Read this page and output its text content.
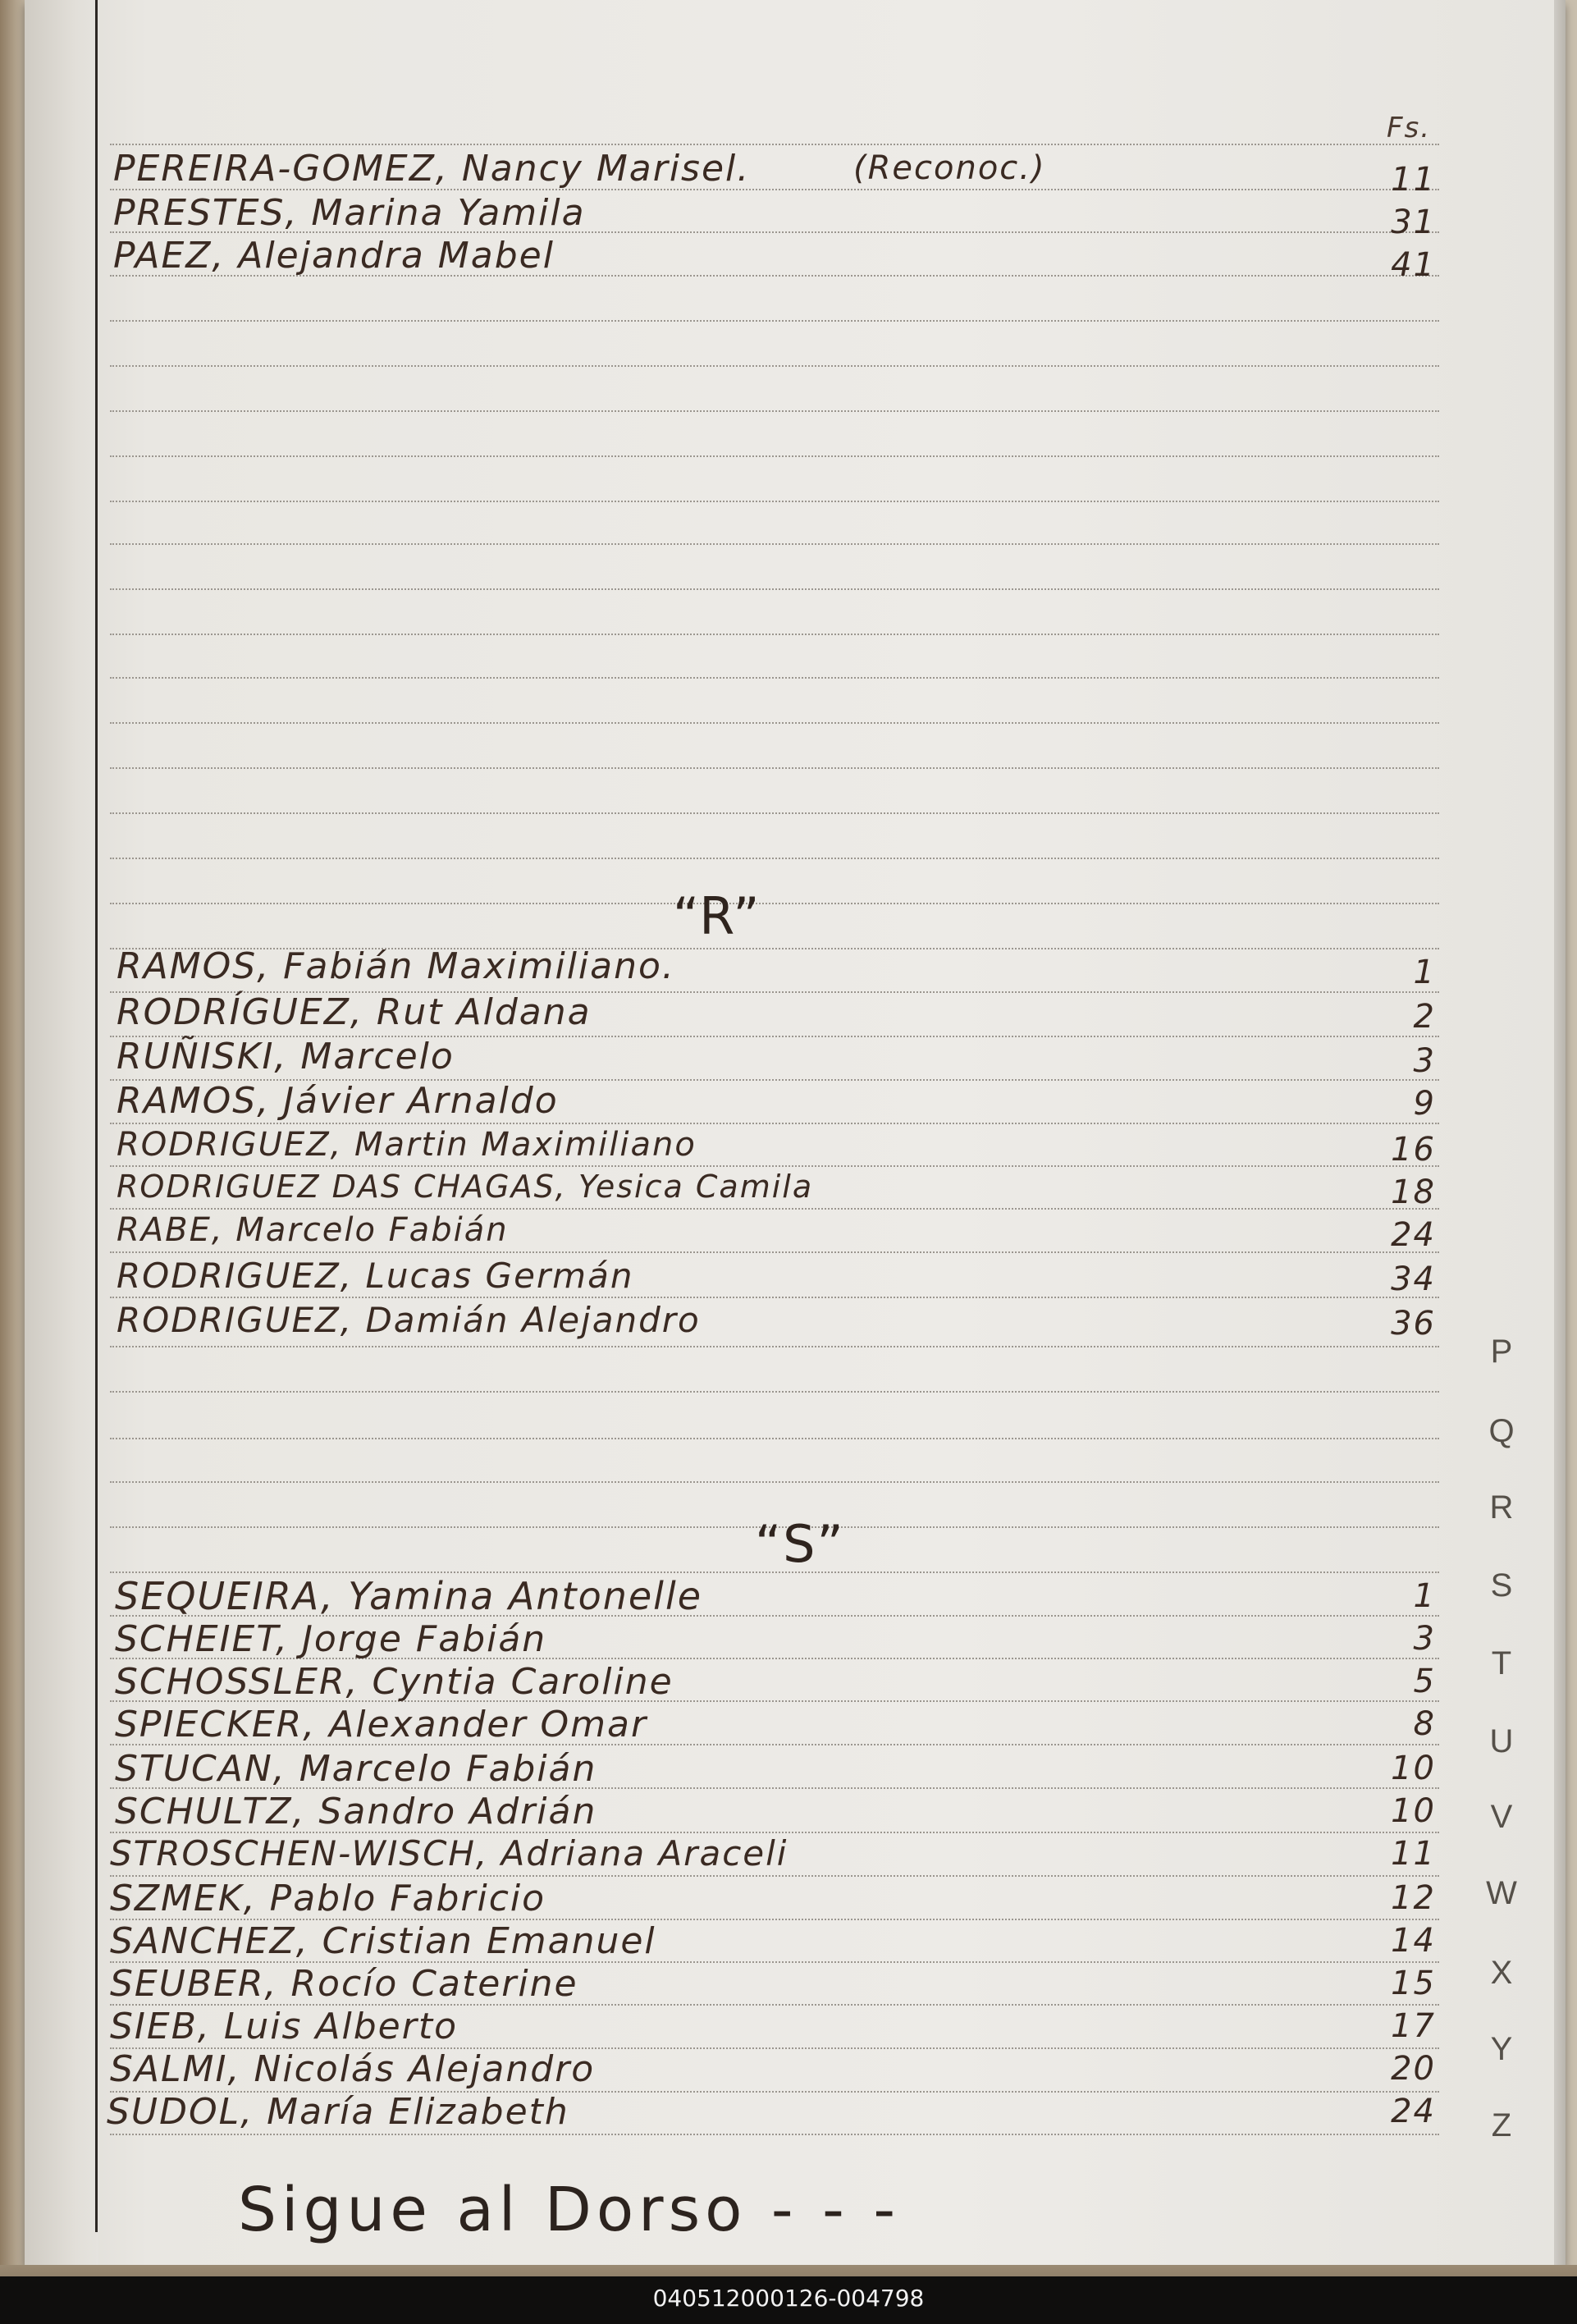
Fs.
PEREIRA-GOMEZ, Nancy Marisel.	(Reconoc.)	11
PRESTES, Marina Yamila	31
PAEZ, Alejandra Mabel	41
“R”
RAMOS, Fabián Maximiliano.	1
RODRÍGUEZ, Rut Aldana	2
RUÑISKI, Marcelo	3
RAMOS, Jávier Arnaldo	9
RODRIGUEZ, Martin Maximiliano	16
RODRIGUEZ DAS CHAGAS, Yesica Camila	18
RABE, Marcelo Fabián	24
RODRIGUEZ, Lucas Germán	34
RODRIGUEZ, Damián Alejandro	36
“S”
SEQUEIRA, Yamina Antonelle	1
SCHEIET, Jorge Fabián	3
SCHOSSLER, Cyntia Caroline	5
SPIECKER, Alexander Omar	8
STUCAN, Marcelo Fabián	10
SCHULTZ, Sandro Adrián	10
STROSCHEN-WISCH, Adriana Araceli	11
SZMEK, Pablo Fabricio	12
SANCHEZ, Cristian Emanuel	14
SEUBER, Rocío Caterine	15
SIEB, Luis Alberto	17
SALMI, Nicolás Alejandro	20
SUDOL, María Elizabeth	24
Sigue al Dorso - - -
P
Q
R
S
T
U
V
W
X
Y
Z
040512000126-004798
